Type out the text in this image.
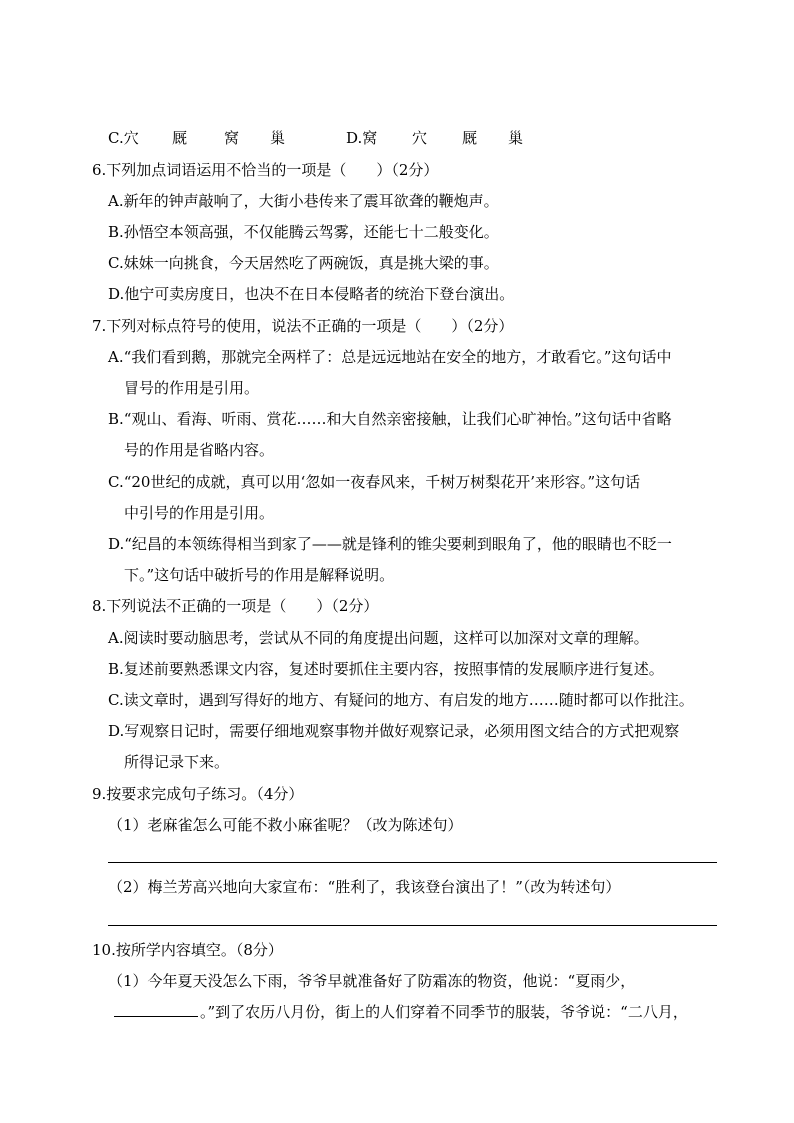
C.穴 厩 窝 巢	D.窝 穴 厩 巢
6.下列加点词语运用不恰当的一项是（　　）（2分）
A.新年的钟声敲响了，大街小巷传来了震耳欲聋的鞭炮声。
B.孙悟空本领高强，不仅能腾云驾雾，还能七十二般变化。
C.妹妹一向挑食，今天居然吃了两碗饭，真是挑大梁的事。
D.他宁可卖房度日，也决不在日本侵略者的统治下登台演出。
7.下列对标点符号的使用，说法不正确的一项是（　　）（2分）
A.“我们看到鹅，那就完全两样了：总是远远地站在安全的地方，才敢看它。”这句话中
冒号的作用是引用。
B.“观山、看海、听雨、赏花……和大自然亲密接触，让我们心旷神怡。”这句话中省略
号的作用是省略内容。
C.“20世纪的成就，真可以用‘忽如一夜春风来，千树万树梨花开’来形容。”这句话
中引号的作用是引用。
D.“纪昌的本领练得相当到家了——就是锋利的锥尖要刺到眼角了，他的眼睛也不眨一
下。”这句话中破折号的作用是解释说明。
8.下列说法不正确的一项是（　　）（2分）
A.阅读时要动脑思考，尝试从不同的角度提出问题，这样可以加深对文章的理解。
B.复述前要熟悉课文内容，复述时要抓住主要内容，按照事情的发展顺序进行复述。
C.读文章时，遇到写得好的地方、有疑问的地方、有启发的地方……随时都可以作批注。
D.写观察日记时，需要仔细地观察事物并做好观察记录，必须用图文结合的方式把观察
所得记录下来。
9.按要求完成句子练习。（4分）
（1）老麻雀怎么可能不救小麻雀呢？（改为陈述句）
（2）梅兰芳高兴地向大家宣布：“胜利了，我该登台演出了！”（改为转述句）
10.按所学内容填空。（8分）
（1）今年夏天没怎么下雨，爷爷早就准备好了防霜冻的物资，他说：“夏雨少，
。”到了农历八月份，街上的人们穿着不同季节的服装，爷爷说：“二八月，
